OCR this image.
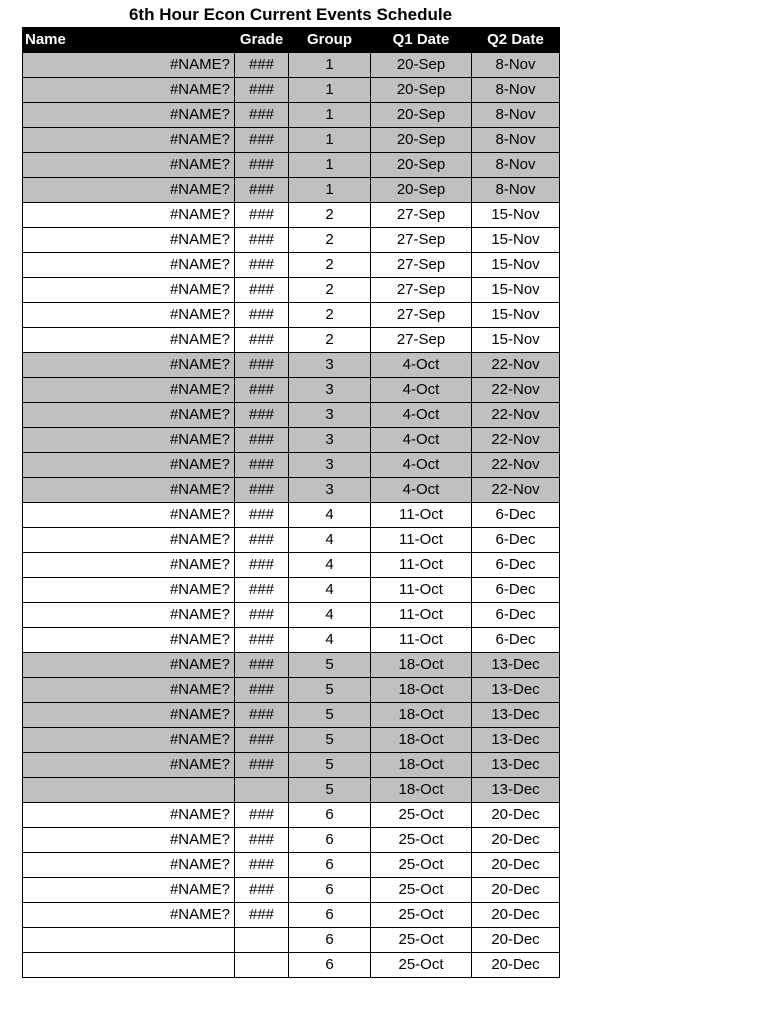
6th Hour Econ Current Events Schedule
Name	Grade	Group	Q1 Date	Q2 Date
#NAME?	###	1	20-Sep	8-Nov
#NAME?	###	1	20-Sep	8-Nov
#NAME?	###	1	20-Sep	8-Nov
#NAME?	###	1	20-Sep	8-Nov
#NAME?	###	1	20-Sep	8-Nov
#NAME?	###	1	20-Sep	8-Nov
#NAME?	###	2	27-Sep	15-Nov
#NAME?	###	2	27-Sep	15-Nov
#NAME?	###	2	27-Sep	15-Nov
#NAME?	###	2	27-Sep	15-Nov
#NAME?	###	2	27-Sep	15-Nov
#NAME?	###	2	27-Sep	15-Nov
#NAME?	###	3	4-Oct	22-Nov
#NAME?	###	3	4-Oct	22-Nov
#NAME?	###	3	4-Oct	22-Nov
#NAME?	###	3	4-Oct	22-Nov
#NAME?	###	3	4-Oct	22-Nov
#NAME?	###	3	4-Oct	22-Nov
#NAME?	###	4	11-Oct	6-Dec
#NAME?	###	4	11-Oct	6-Dec
#NAME?	###	4	11-Oct	6-Dec
#NAME?	###	4	11-Oct	6-Dec
#NAME?	###	4	11-Oct	6-Dec
#NAME?	###	4	11-Oct	6-Dec
#NAME?	###	5	18-Oct	13-Dec
#NAME?	###	5	18-Oct	13-Dec
#NAME?	###	5	18-Oct	13-Dec
#NAME?	###	5	18-Oct	13-Dec
#NAME?	###	5	18-Oct	13-Dec
		5	18-Oct	13-Dec
#NAME?	###	6	25-Oct	20-Dec
#NAME?	###	6	25-Oct	20-Dec
#NAME?	###	6	25-Oct	20-Dec
#NAME?	###	6	25-Oct	20-Dec
#NAME?	###	6	25-Oct	20-Dec
		6	25-Oct	20-Dec
		6	25-Oct	20-Dec
